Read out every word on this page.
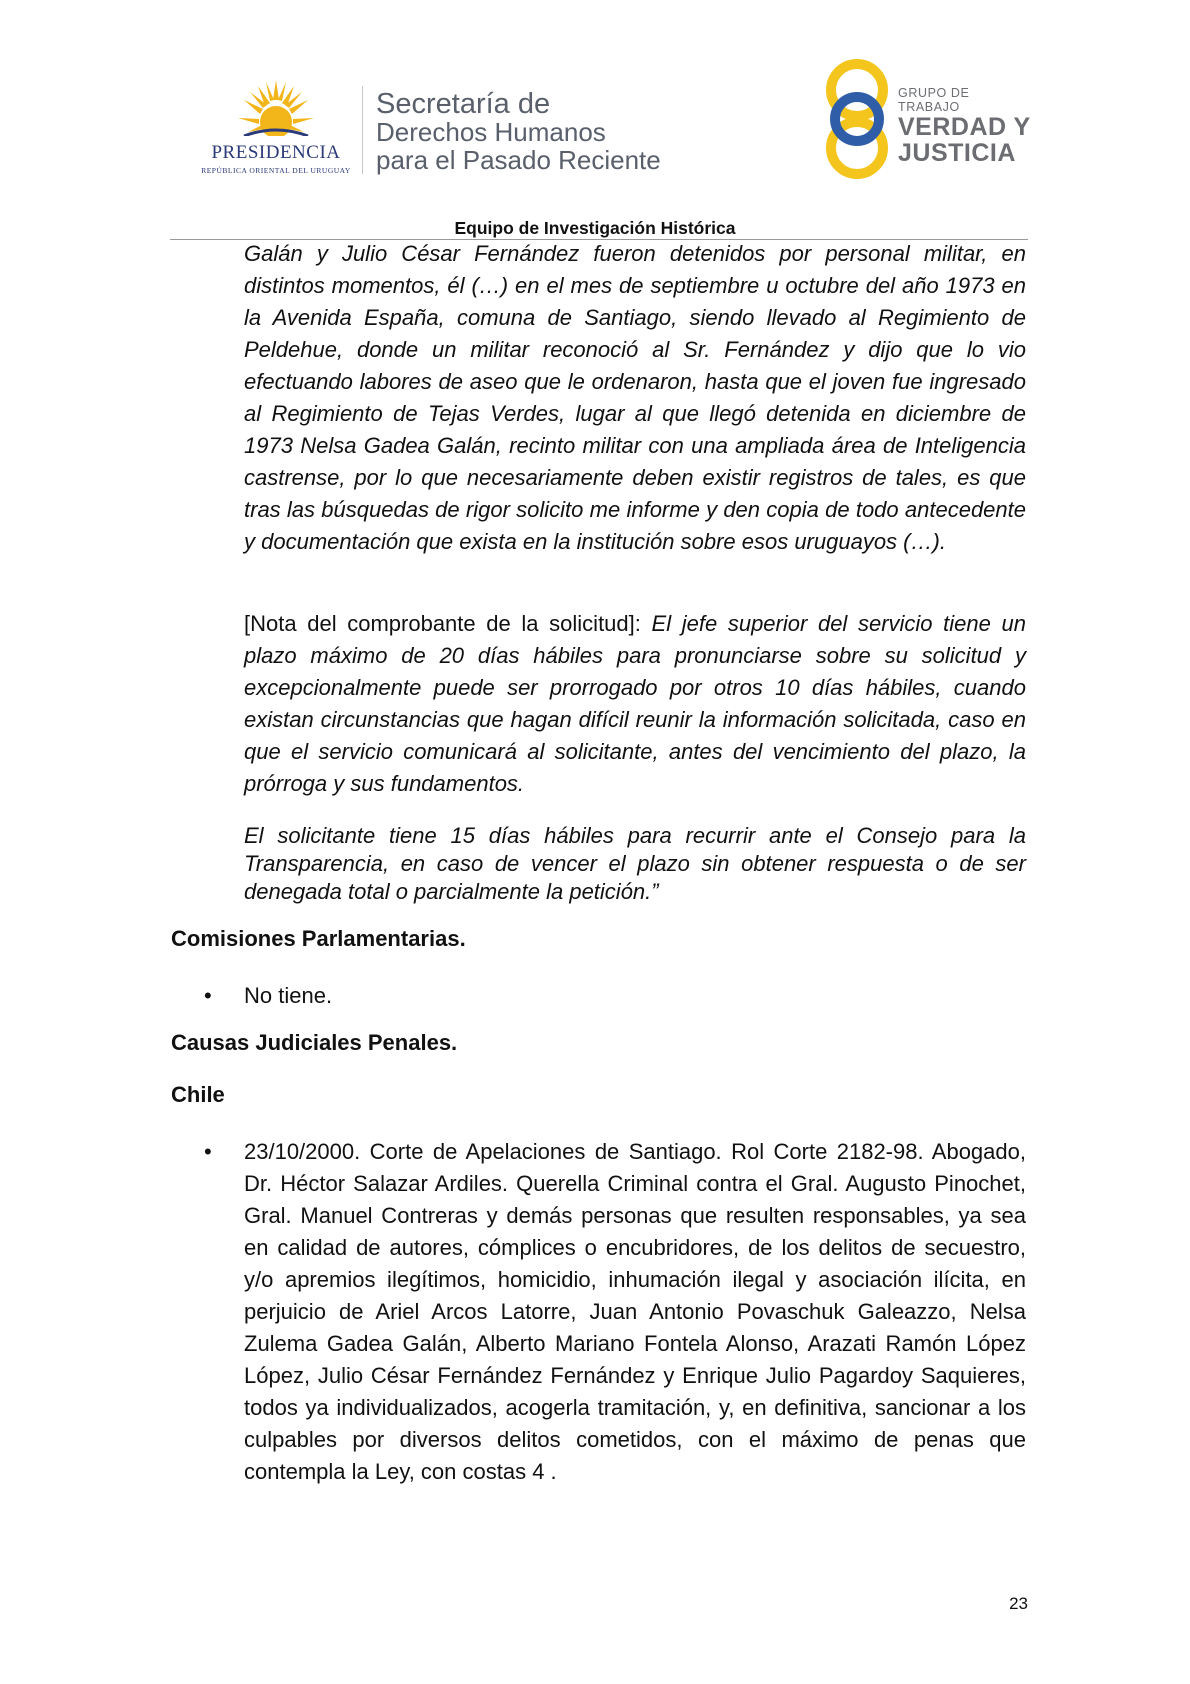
PRESIDENCIA
REPÚBLICA ORIENTAL DEL URUGUAY
Secretaría de
Derechos Humanos
para el Pasado Reciente
GRUPO DE TRABAJO
VERDAD Y
JUSTICIA
Equipo de Investigación Histórica

Galán y Julio César Fernández fueron detenidos por personal militar, en distintos momentos, él (…) en el mes de septiembre u octubre del año 1973 en la Avenida España, comuna de Santiago, siendo llevado al Regimiento de Peldehue, donde un militar reconoció al Sr. Fernández y dijo que lo vio efectuando labores de aseo que le ordenaron, hasta que el joven fue ingresado al Regimiento de Tejas Verdes, lugar al que llegó detenida en diciembre de 1973 Nelsa Gadea Galán, recinto militar con una ampliada área de Inteligencia castrense, por lo que necesariamente deben existir registros de tales, es que tras las búsquedas de rigor solicito me informe y den copia de todo antecedente y documentación que exista en la institución sobre esos uruguayos (…).

[Nota del comprobante de la solicitud]: El jefe superior del servicio tiene un plazo máximo de 20 días hábiles para pronunciarse sobre su solicitud y excepcionalmente puede ser prorrogado por otros 10 días hábiles, cuando existan circunstancias que hagan difícil reunir la información solicitada, caso en que el servicio comunicará al solicitante, antes del vencimiento del plazo, la prórroga y sus fundamentos.

El solicitante tiene 15 días hábiles para recurrir ante el Consejo para la Transparencia, en caso de vencer el plazo sin obtener respuesta o de ser denegada total o parcialmente la petición.”

Comisiones Parlamentarias.
• No tiene.

Causas Judiciales Penales.
Chile
• 23/10/2000. Corte de Apelaciones de Santiago. Rol Corte 2182-98. Abogado, Dr. Héctor Salazar Ardiles. Querella Criminal contra el Gral. Augusto Pinochet, Gral. Manuel Contreras y demás personas que resulten responsables, ya sea en calidad de autores, cómplices o encubridores, de los delitos de secuestro, y/o apremios ilegítimos, homicidio, inhumación ilegal y asociación ilícita, en perjuicio de Ariel Arcos Latorre, Juan Antonio Povaschuk Galeazzo, Nelsa Zulema Gadea Galán, Alberto Mariano Fontela Alonso, Arazati Ramón López López, Julio César Fernández Fernández y Enrique Julio Pagardoy Saquieres, todos ya individualizados, acogerla tramitación, y, en definitiva, sancionar a los culpables por diversos delitos cometidos, con el máximo de penas que contempla la Ley, con costas 4 .

23
